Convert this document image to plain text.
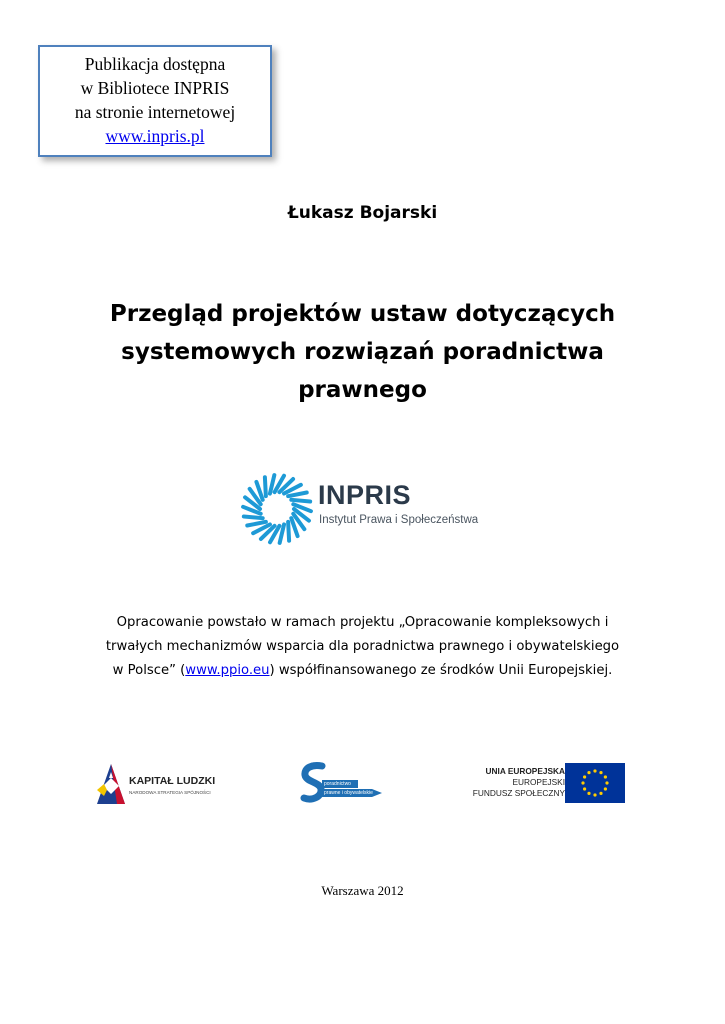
Publikacja dostępna
w Bibliotece INPRIS
na stronie internetowej
www.inpris.pl
Łukasz Bojarski
Przegląd projektów ustaw dotyczących
systemowych rozwiązań poradnictwa
prawnego
INPRIS
Instytut Prawa i Społeczeństwa
Opracowanie powstało w ramach projektu „Opracowanie kompleksowych i
trwałych mechanizmów wsparcia dla poradnictwa prawnego i obywatelskiego
w Polsce” (www.ppio.eu) współfinansowanego ze środków Unii Europejskiej.
KAPITAŁ LUDZKI
NARODOWA STRATEGIA SPÓJNOŚCI
poradnictwo
prawne i obywatelskie
UNIA EUROPEJSKA
EUROPEJSKI
FUNDUSZ SPOŁECZNY
Warszawa 2012
